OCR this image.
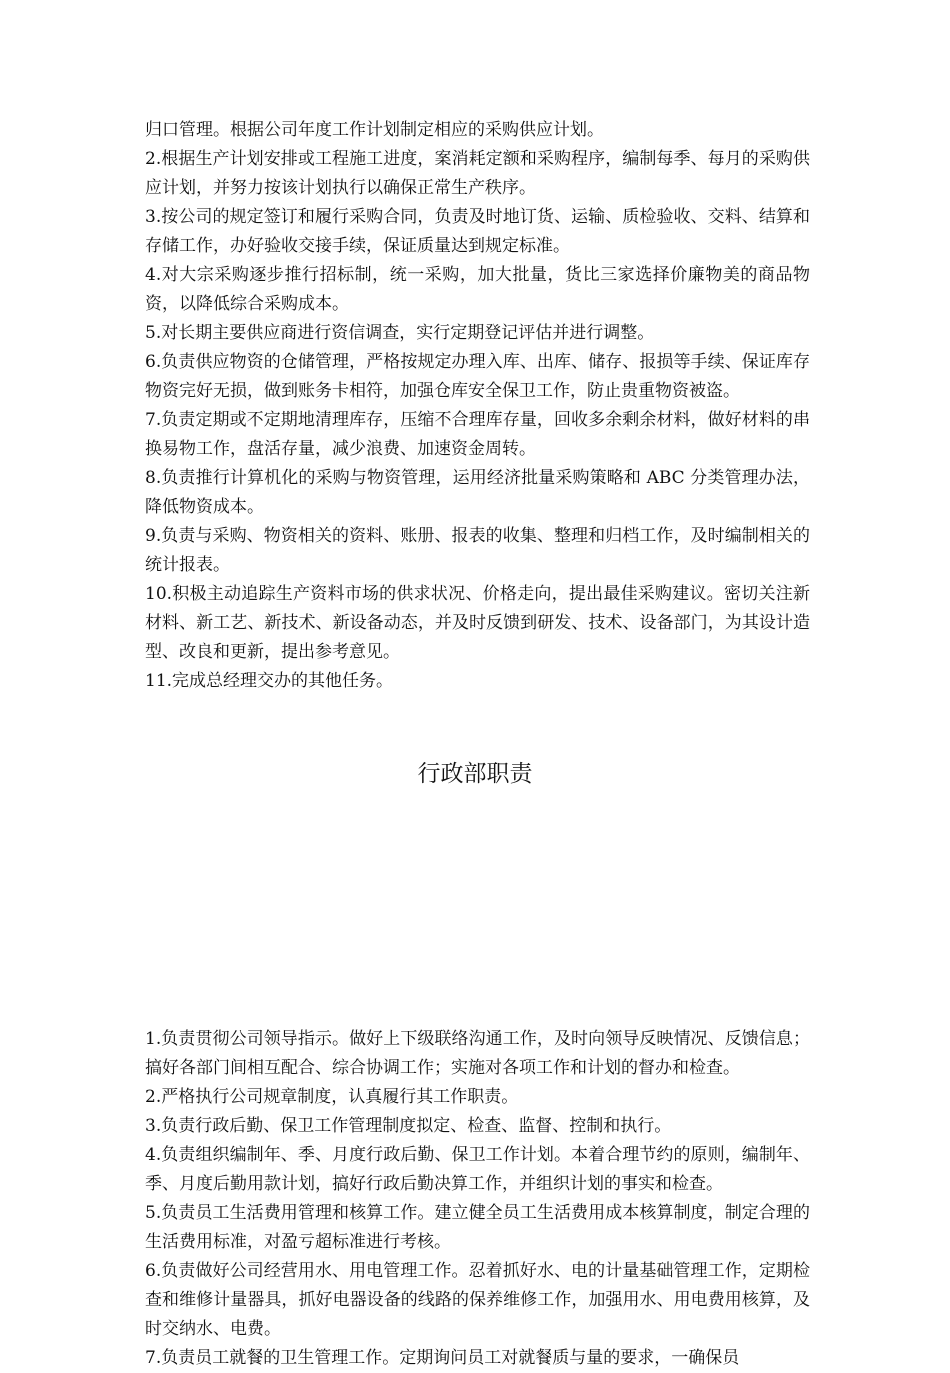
归口管理。根据公司年度工作计划制定相应的采购供应计划。

2.根据生产计划安排或工程施工进度，案消耗定额和采购程序，编制每季、每月的采购供应计划，并努力按该计划执行以确保正常生产秩序。

3.按公司的规定签订和履行采购合同，负责及时地订货、运输、质检验收、交料、结算和存储工作，办好验收交接手续，保证质量达到规定标准。

4.对大宗采购逐步推行招标制，统一采购，加大批量，货比三家选择价廉物美的商品物资，以降低综合采购成本。

5.对长期主要供应商进行资信调查，实行定期登记评估并进行调整。

6.负责供应物资的仓储管理，严格按规定办理入库、出库、储存、报损等手续、保证库存物资完好无损，做到账务卡相符，加强仓库安全保卫工作，防止贵重物资被盗。

7.负责定期或不定期地清理库存，压缩不合理库存量，回收多余剩余材料，做好材料的串换易物工作，盘活存量，减少浪费、加速资金周转。

8.负责推行计算机化的采购与物资管理，运用经济批量采购策略和 ABC 分类管理办法，降低物资成本。

9.负责与采购、物资相关的资料、账册、报表的收集、整理和归档工作，及时编制相关的统计报表。

10.积极主动追踪生产资料市场的供求状况、价格走向，提出最佳采购建议。密切关注新材料、新工艺、新技术、新设备动态，并及时反馈到研发、技术、设备部门，为其设计造型、改良和更新，提出参考意见。

11.完成总经理交办的其他任务。

行政部职责

1.负责贯彻公司领导指示。做好上下级联络沟通工作，及时向领导反映情况、反馈信息；搞好各部门间相互配合、综合协调工作；实施对各项工作和计划的督办和检查。

2.严格执行公司规章制度，认真履行其工作职责。

3.负责行政后勤、保卫工作管理制度拟定、检查、监督、控制和执行。

4.负责组织编制年、季、月度行政后勤、保卫工作计划。本着合理节约的原则，编制年、季、月度后勤用款计划，搞好行政后勤决算工作，并组织计划的事实和检查。

5.负责员工生活费用管理和核算工作。建立健全员工生活费用成本核算制度，制定合理的生活费用标准，对盈亏超标准进行考核。

6.负责做好公司经营用水、用电管理工作。忍着抓好水、电的计量基础管理工作，定期检查和维修计量器具，抓好电器设备的线路的保养维修工作，加强用水、用电费用核算，及时交纳水、电费。

7.负责员工就餐的卫生管理工作。定期询问员工对就餐质与量的要求，一确保员
